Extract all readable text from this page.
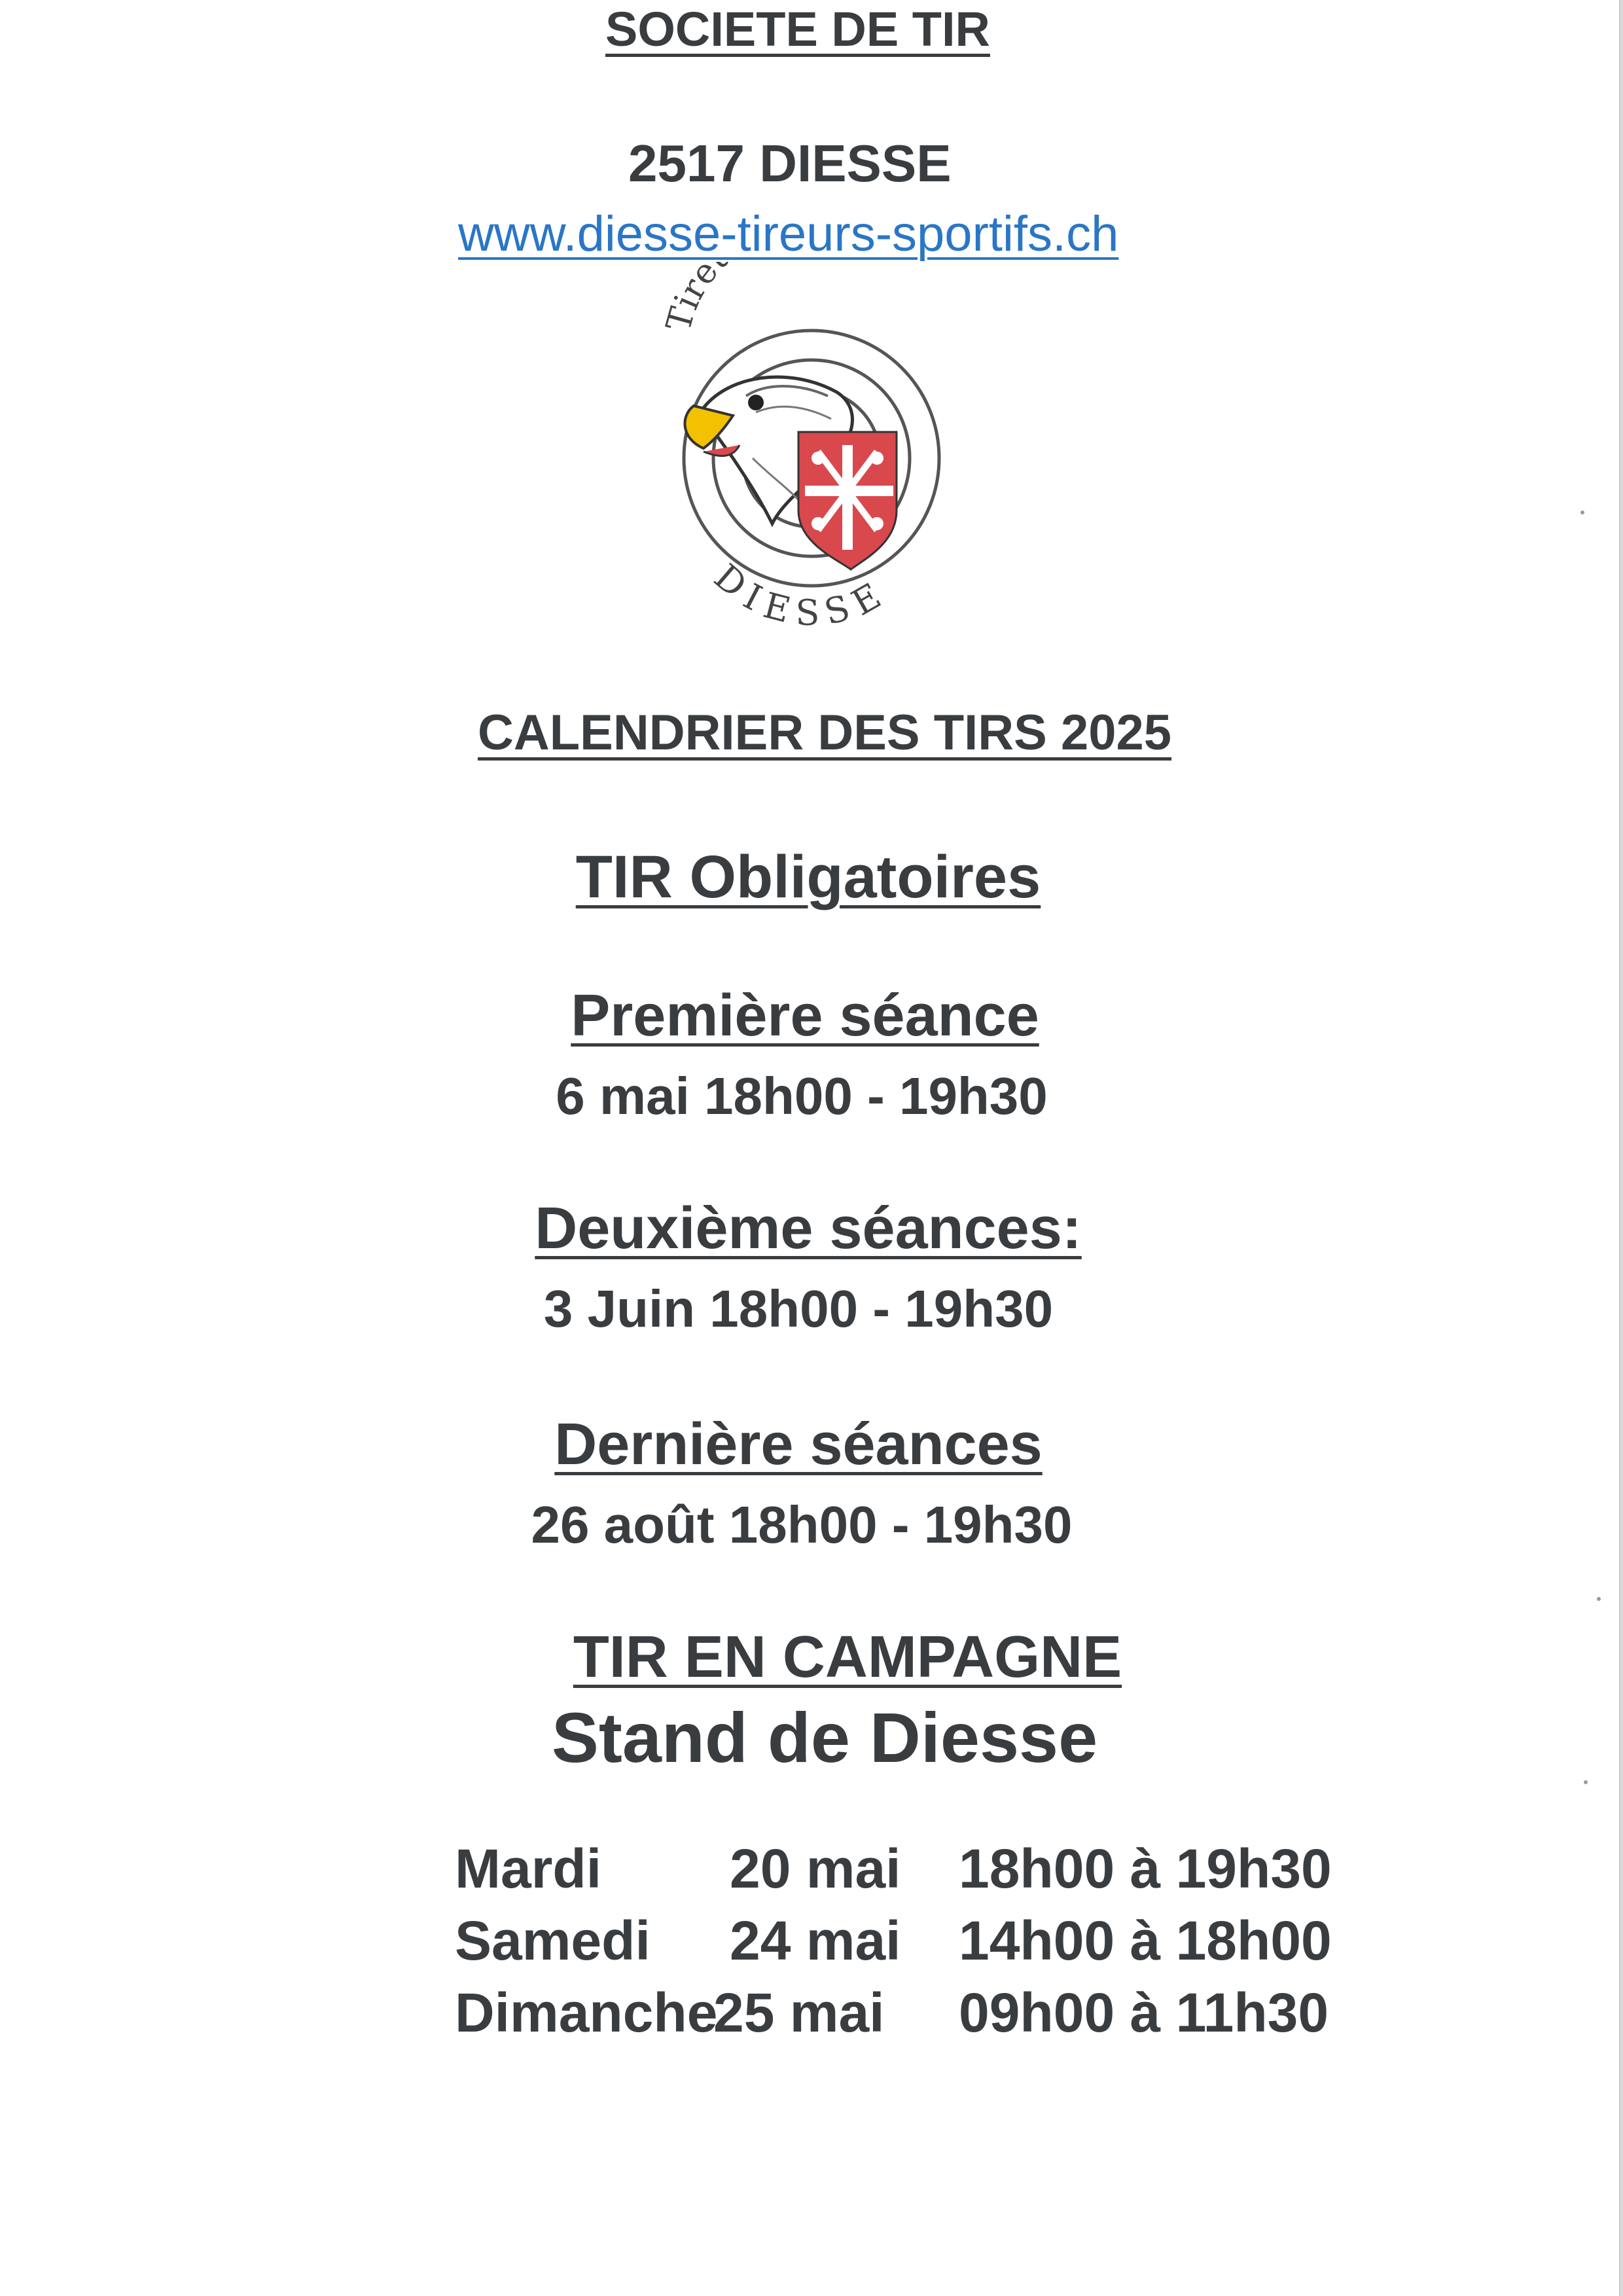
SOCIETE DE TIR
2517 DIESSE
www.diesse-tireurs-sportifs.ch
Tire
DIESSE
CALENDRIER DES TIRS 2025
TIR Obligatoires
Première séance
6 mai 18h00 - 19h30
Deuxième séances:
3 Juin 18h00 - 19h30
Dernière séances
26 août 18h00 - 19h30
TIR EN CAMPAGNE
Stand de Diesse
Mardi 20 mai 18h00 à 19h30
Samedi 24 mai 14h00 à 18h00
Dimanche
25 mai 09h00 à 11h30
